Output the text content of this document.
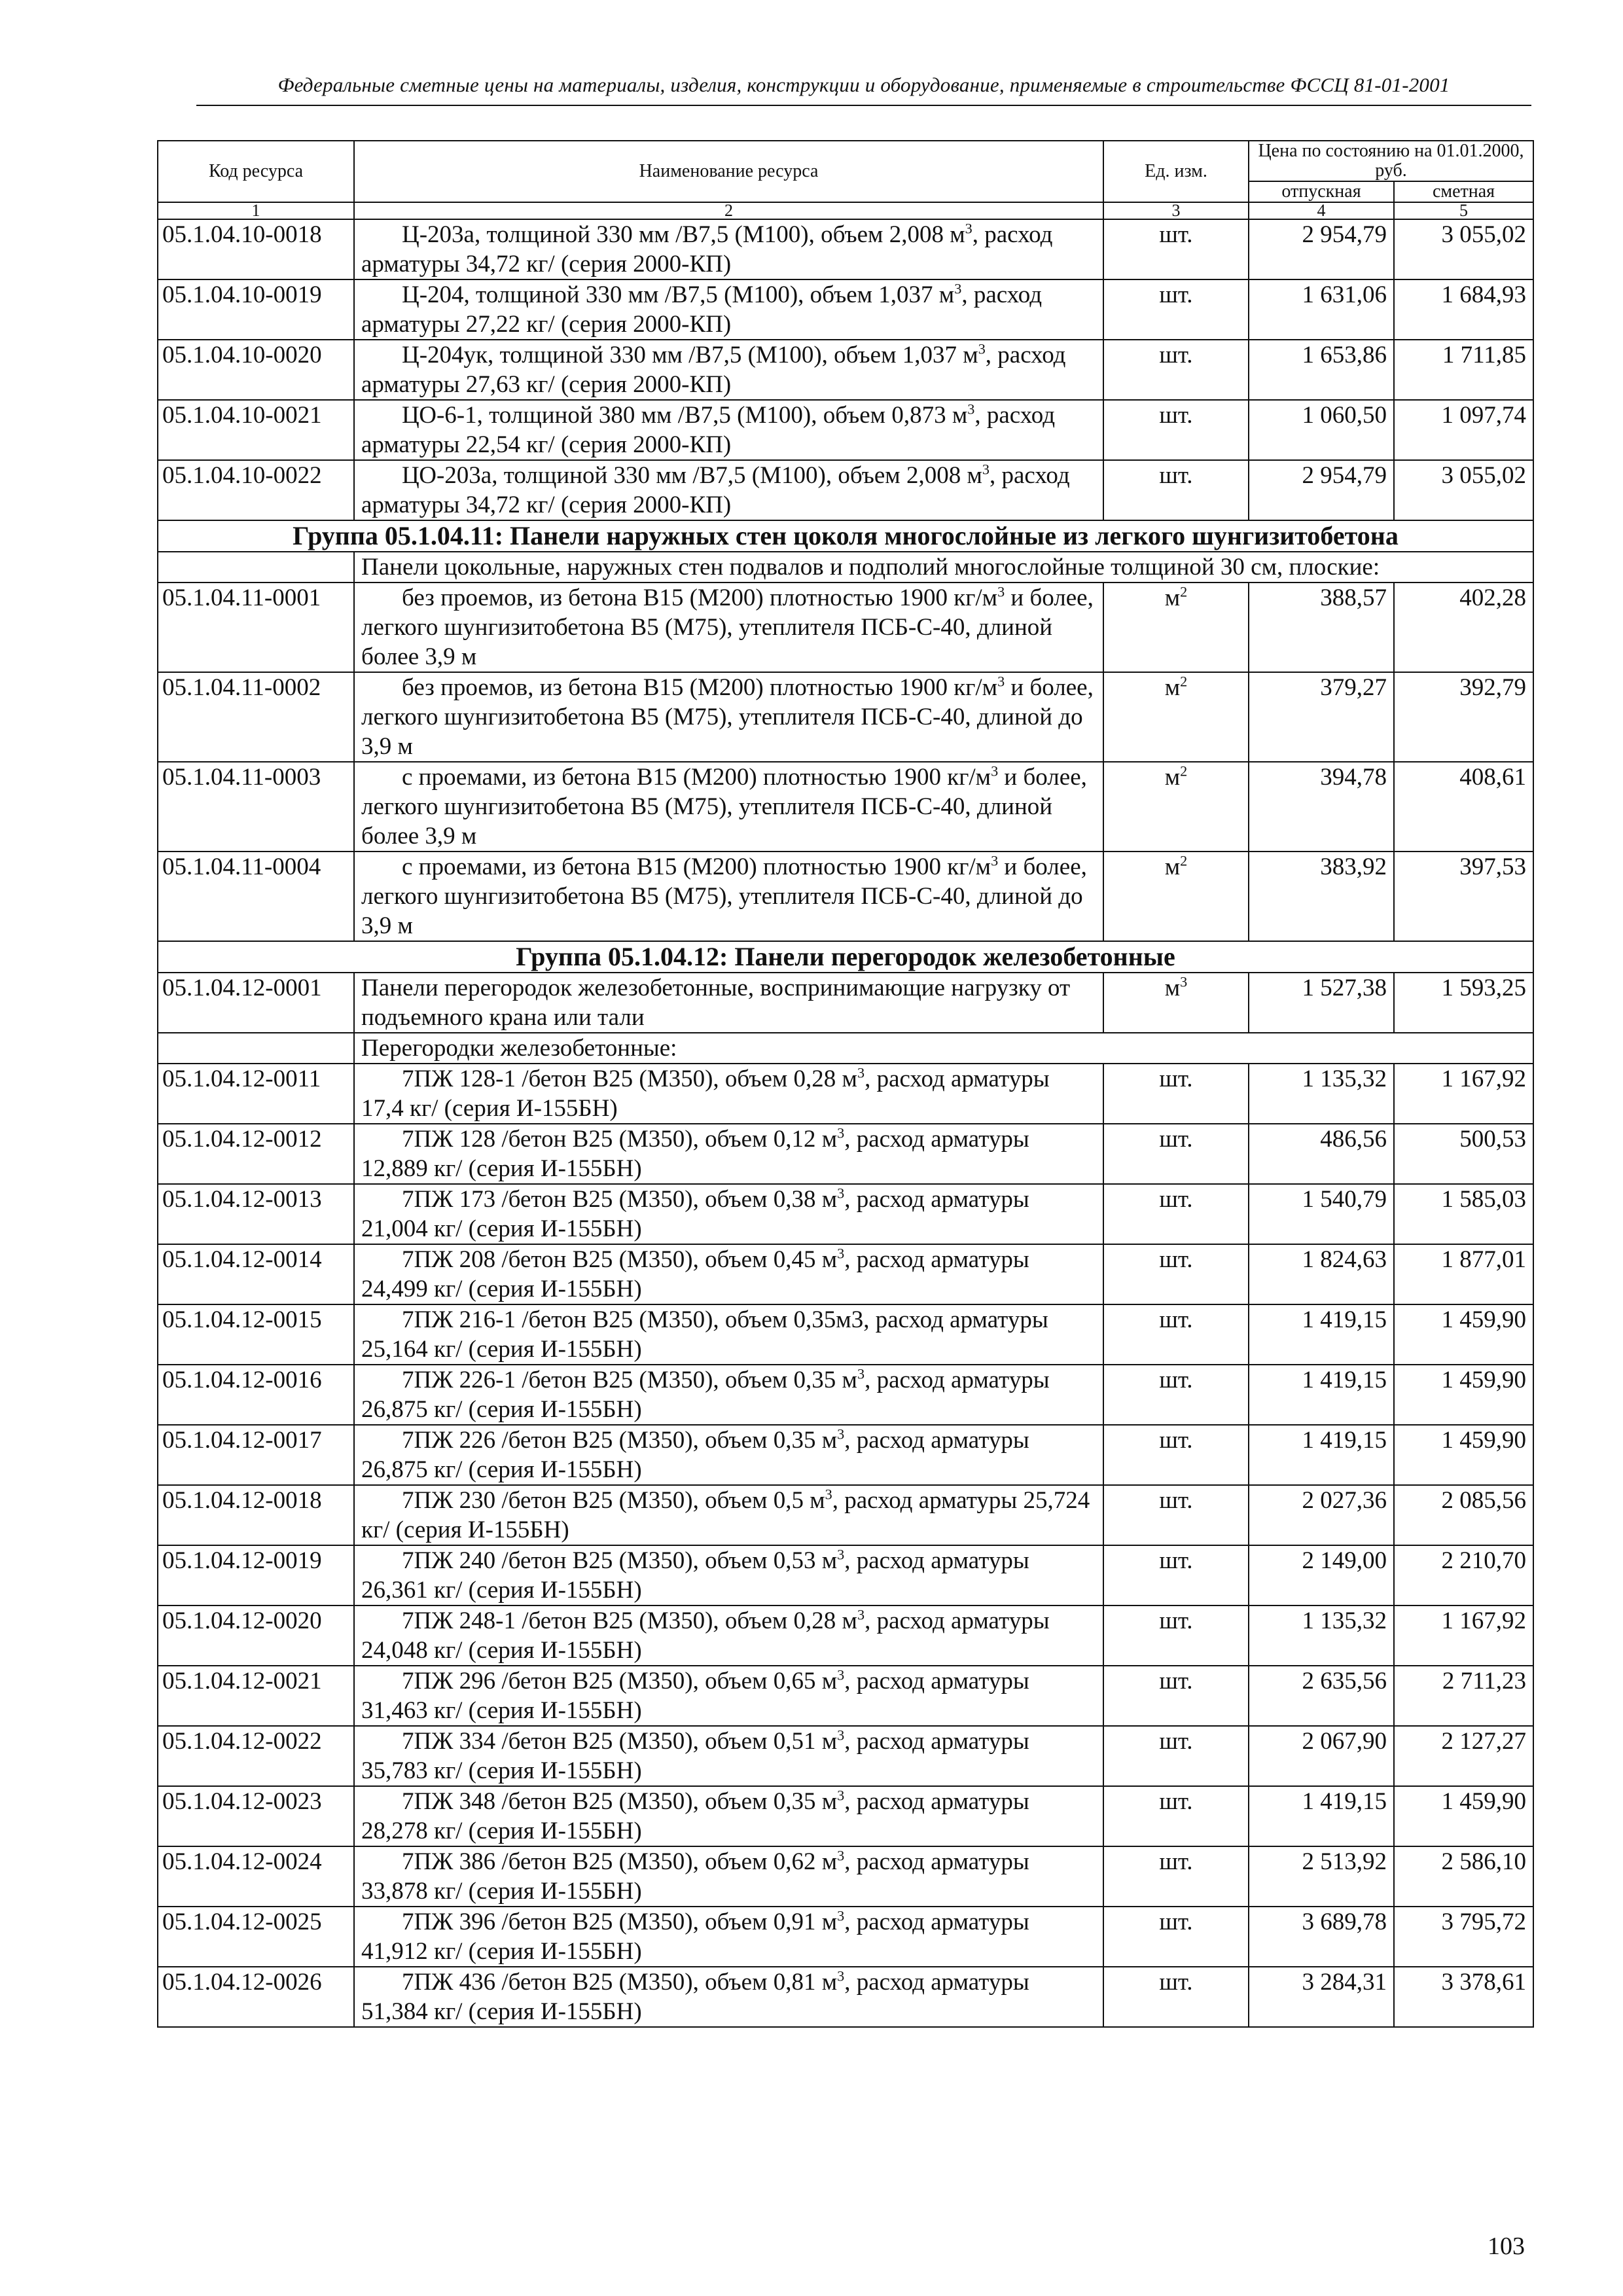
Федеральные сметные цены на материалы, изделия, конструкции и оборудование, применяемые в строительстве ФССЦ 81-01-2001
Код ресурса	Наименование ресурса	Ед. изм.	Цена по состоянию на 01.01.2000, руб.	
			отпускная	сметная
1	2	3	4	5
05.1.04.10-0018	Ц-203а, толщиной 330 мм /В7,5 (М100), объем 2,008 $м^3$, расход арматуры 34,72 кг/ (серия 2000-КП)	шт.	2 954,79	3 055,02
05.1.04.10-0019	Ц-204, толщиной 330 мм /В7,5 (М100), объем 1,037 $м^3$, расход арматуры 27,22 кг/ (серия 2000-КП)	шт.	1 631,06	1 684,93
05.1.04.10-0020	Ц-204ук, толщиной 330 мм /В7,5 (М100), объем 1,037 $м^3$, расход арматуры 27,63 кг/ (серия 2000-КП)	шт.	1 653,86	1 711,85
05.1.04.10-0021	ЦО-6-1, толщиной 380 мм /В7,5 (М100), объем 0,873 $м^3$, расход арматуры 22,54 кг/ (серия 2000-КП)	шт.	1 060,50	1 097,74
05.1.04.10-0022	ЦО-203а, толщиной 330 мм /В7,5 (М100), объем 2,008 $м^3$, расход арматуры 34,72 кг/ (серия 2000-КП)	шт.	2 954,79	3 055,02
Группа 05.1.04.11: Панели наружных стен цоколя многослойные из легкого шунгизитобетона				
	Панели цокольные, наружных стен подвалов и подполий многослойные толщиной 30 см, плоские:			
05.1.04.11-0001	без проемов, из бетона В15 (М200) плотностью 1900 $кг/м^3$ и более, легкого шунгизитобетона В5 (М75), утеплителя ПСБ-С-40, длиной более 3,9 м	$м^2$	388,57	402,28
05.1.04.11-0002	без проемов, из бетона В15 (М200) плотностью 1900 $кг/м^3$ и более, легкого шунгизитобетона В5 (М75), утеплителя ПСБ-С-40, длиной до 3,9 м	$м^2$	379,27	392,79
05.1.04.11-0003	с проемами, из бетона В15 (М200) плотностью 1900 $кг/м^3$ и более, легкого шунгизитобетона В5 (М75), утеплителя ПСБ-С-40, длиной более 3,9 м	$м^2$	394,78	408,61
05.1.04.11-0004	с проемами, из бетона В15 (М200) плотностью 1900 $кг/м^3$ и более, легкого шунгизитобетона В5 (М75), утеплителя ПСБ-С-40, длиной до 3,9 м	$м^2$	383,92	397,53
Группа 05.1.04.12: Панели перегородок железобетонные				
05.1.04.12-0001	Панели перегородок железобетонные, воспринимающие нагрузку от подъемного крана или тали	$м^3$	1 527,38	1 593,25
	Перегородки железобетонные:			
05.1.04.12-0011	7ПЖ 128-1 /бетон В25 (М350), объем 0,28 $м^3$, расход арматуры 17,4 кг/ (серия И-155БН)	шт.	1 135,32	1 167,92
05.1.04.12-0012	7ПЖ 128 /бетон В25 (М350), объем 0,12 $м^3$, расход арматуры 12,889 кг/ (серия И-155БН)	шт.	486,56	500,53
05.1.04.12-0013	7ПЖ 173 /бетон В25 (М350), объем 0,38 $м^3$, расход арматуры 21,004 кг/ (серия И-155БН)	шт.	1 540,79	1 585,03
05.1.04.12-0014	7ПЖ 208 /бетон В25 (М350), объем 0,45 $м^3$, расход арматуры 24,499 кг/ (серия И-155БН)	шт.	1 824,63	1 877,01
05.1.04.12-0015	7ПЖ 216-1 /бетон В25 (М350), объем 0,35м3, расход арматуры 25,164 кг/ (серия И-155БН)	шт.	1 419,15	1 459,90
05.1.04.12-0016	7ПЖ 226-1 /бетон В25 (М350), объем 0,35 $м^3$, расход арматуры 26,875 кг/ (серия И-155БН)	шт.	1 419,15	1 459,90
05.1.04.12-0017	7ПЖ 226 /бетон В25 (М350), объем 0,35 $м^3$, расход арматуры 26,875 кг/ (серия И-155БН)	шт.	1 419,15	1 459,90
05.1.04.12-0018	7ПЖ 230 /бетон В25 (М350), объем 0,5 $м^3$, расход арматуры 25,724 кг/ (серия И-155БН)	шт.	2 027,36	2 085,56
05.1.04.12-0019	7ПЖ 240 /бетон В25 (М350), объем 0,53 $м^3$, расход арматуры 26,361 кг/ (серия И-155БН)	шт.	2 149,00	2 210,70
05.1.04.12-0020	7ПЖ 248-1 /бетон В25 (М350), объем 0,28 $м^3$, расход арматуры 24,048 кг/ (серия И-155БН)	шт.	1 135,32	1 167,92
05.1.04.12-0021	7ПЖ 296 /бетон В25 (М350), объем 0,65 $м^3$, расход арматуры 31,463 кг/ (серия И-155БН)	шт.	2 635,56	2 711,23
05.1.04.12-0022	7ПЖ 334 /бетон В25 (М350), объем 0,51 $м^3$, расход арматуры 35,783 кг/ (серия И-155БН)	шт.	2 067,90	2 127,27
05.1.04.12-0023	7ПЖ 348 /бетон В25 (М350), объем 0,35 $м^3$, расход арматуры 28,278 кг/ (серия И-155БН)	шт.	1 419,15	1 459,90
05.1.04.12-0024	7ПЖ 386 /бетон В25 (М350), объем 0,62 $м^3$, расход арматуры 33,878 кг/ (серия И-155БН)	шт.	2 513,92	2 586,10
05.1.04.12-0025	7ПЖ 396 /бетон В25 (М350), объем 0,91 $м^3$, расход арматуры 41,912 кг/ (серия И-155БН)	шт.	3 689,78	3 795,72
05.1.04.12-0026	7ПЖ 436 /бетон В25 (М350), объем 0,81 $м^3$, расход арматуры 51,384 кг/ (серия И-155БН)	шт.	3 284,31	3 378,61
103
